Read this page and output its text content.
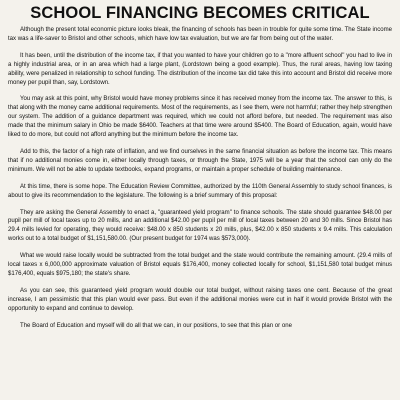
SCHOOL FINANCING BECOMES CRITICAL

Although the present total economic picture looks bleak, the financing of schools has been in trouble for quite some time. The State income tax was a life-saver to Bristol and other schools, which have low tax evaluation, but we are far from being out of the water.

It has been, until the distribution of the income tax, if that you wanted to have your children go to a "more affluent school" you had to live in a highly industrial area, or in an area which had a large plant, (Lordstown being a good example). Thus, the rural areas, having low taxing ability, were penalized in relationship to school funding. The distribution of the income tax did take this into account and Bristol did receive more money per pupil than, say, Lordstown.

You may ask at this point, why Bristol would have money problems since it has received money from the income tax. The answer to this, is that along with the money came additional requirements. Most of the requirements, as I see them, were not harmful; rather they help strengthen our system. The addition of a guidance department was required, which we could not afford before, but needed. The requirement was also made that the minimum salary in Ohio be made $6400. Teachers at that time were around $5400. The Board of Education, again, would have liked to do more, but could not afford anything but the minimum before the income tax.

Add to this, the factor of a high rate of inflation, and we find ourselves in the same financial situation as before the income tax. This means that if no additional monies come in, either locally through taxes, or through the State, 1975 will be a year that the school can only do the minimum. We will not be able to update textbooks, expand programs, or maintain a proper schedule of building maintenance.

At this time, there is some hope. The Education Review Committee, authorized by the 110th General Assembly to study school finances, is about to give its recommendation to the legislature. The following is a brief summary of this proposal:

They are asking the General Assembly to enact a, "guaranteed yield program" to finance schools. The state should guarantee $48.00 per pupil per mill of local taxes up to 20 mills, and an additional $42.00 per pupil per mill of local taxes between 20 and 30 mills. Since Bristol has 29.4 mills levied for operating, they would receive: $48.00 x 850 students x 20 mills, plus, $42.00 x 850 students x 9.4 mills. This calculation works out to a total budget of $1,151,580.00. (Our present budget for 1974 was $573,000).

What we would raise locally would be subtracted from the total budget and the state would contribute the remaining amount. (29.4 mills of local taxes x 6,000,000 approximate valuation of Bristol equals $176,400, money collected locally for school, $1,151,580 total budget minus $176,400, equals $975,180; the state's share.

As you can see, this guaranteed yield program would double our total budget, without raising taxes one cent. Because of the great increase, I am pessimistic that this plan would ever pass. But even if the additional monies were cut in half it would provide Bristol with the opportunity to expand and continue to develop.

The Board of Education and myself will do all that we can, in our positions, to see that this plan or one
